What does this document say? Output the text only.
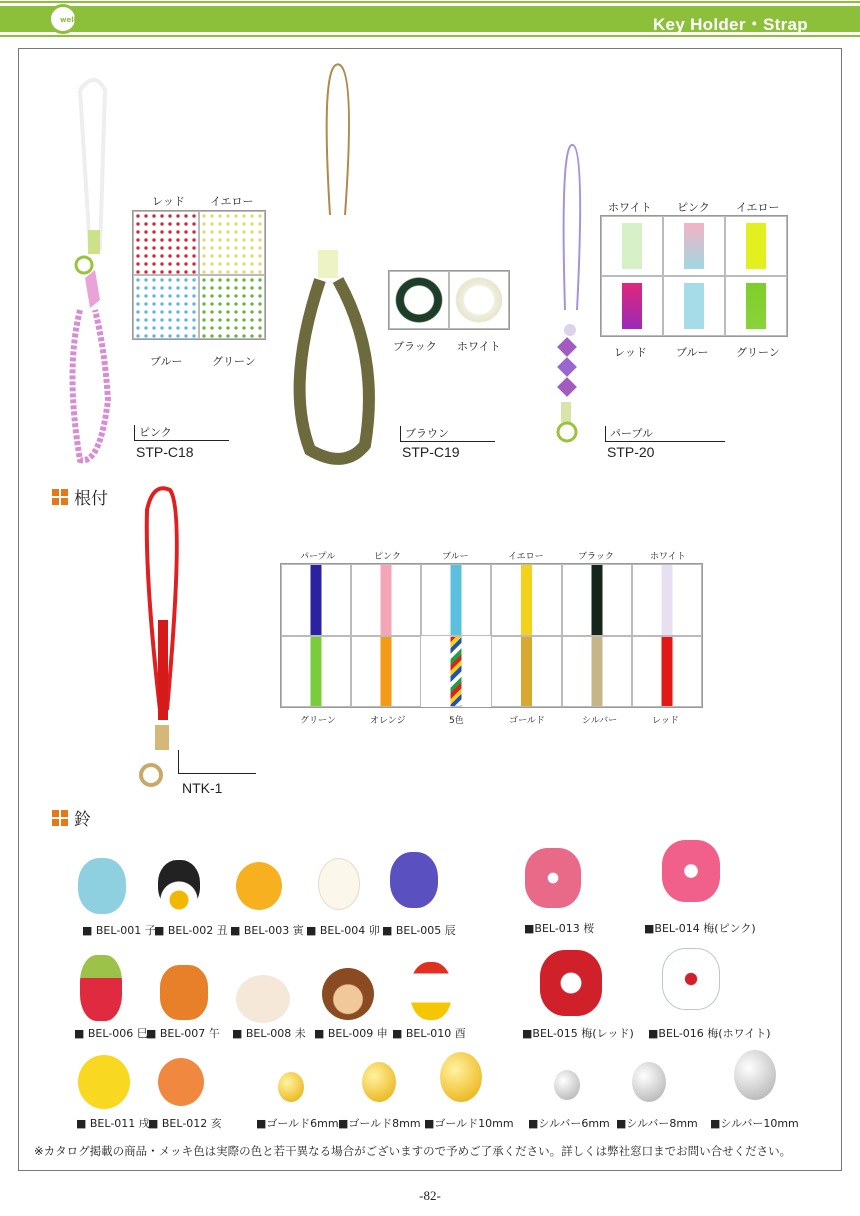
well	Key Holder・Strap
レッド イエロー
ブルー	グリーン
ピンク
STP-C18
ブラック ホワイト
ブラウン
STP-C19
ホワイト ピンク イエロー
レッド	ブルー グリーン
パープル
STP-20
根付
NTK-1
パープル	ピンク	ブルー	イエロー	ブラック	ホワイト
グリーン	オレンジ	5色	ゴールド	シルバー	レッド
鈴
■ BEL-001 子
■ BEL-002 丑 ■ BEL-003 寅 ■ BEL-004 卯 ■ BEL-005 辰
■ BEL-006 巳
■ BEL-007 午 ■ BEL-008 未 ■ BEL-009 申 ■ BEL-010 酉
■ BEL-011 戌
■ BEL-012 亥
■BEL-013 桜	■BEL-014 梅(ピンク)
■BEL-015 梅(レッド) ■BEL-016 梅(ホワイト)
■ゴールド6mm ■ゴールド8mm ■ゴールド10mm ■シルバー6mm ■シルバー8mm ■シルバー10mm
※カタログ掲載の商品・メッキ色は実際の色と若干異なる場合がございますので予めご了承ください。詳しくは弊社窓口までお問い合せください。
-82-
